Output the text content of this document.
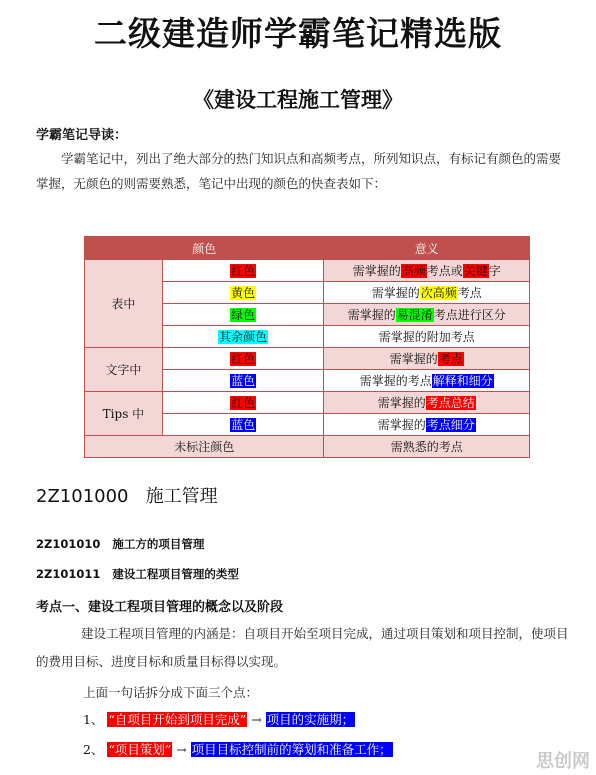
二级建造师学霸笔记精选版
《建设工程施工管理》
学霸笔记导读：
学霸笔记中，列出了绝大部分的热门知识点和高频考点，所列知识点，有标记有颜色的需要掌握，无颜色的则需要熟悉，笔记中出现的颜色的快查表如下：
颜色		意义
表中	红色	需掌握的高频考点或关键字
	黄色	需掌握的次高频考点
	绿色	需掌握的易混淆考点进行区分
	其余颜色	需掌握的附加考点
文字中	红色	需掌握的考点
	蓝色	需掌握的考点解释和细分
Tips 中	红色	需掌握的考点总结
	蓝色	需掌握的考点细分
未标注颜色		需熟悉的考点
2Z101000 施工管理
2Z101010 施工方的项目管理
2Z101011 建设工程项目管理的类型
考点一、建设工程项目管理的概念以及阶段
建设工程项目管理的内涵是：自项目开始至项目完成，通过项目策划和项目控制，使项目的费用目标、进度目标和质量目标得以实现。
上面一句话拆分成下面三个点：
1、 “自项目开始到项目完成” → 项目的实施期；
2、 “项目策划” → 项目目标控制前的筹划和准备工作；
思创网
